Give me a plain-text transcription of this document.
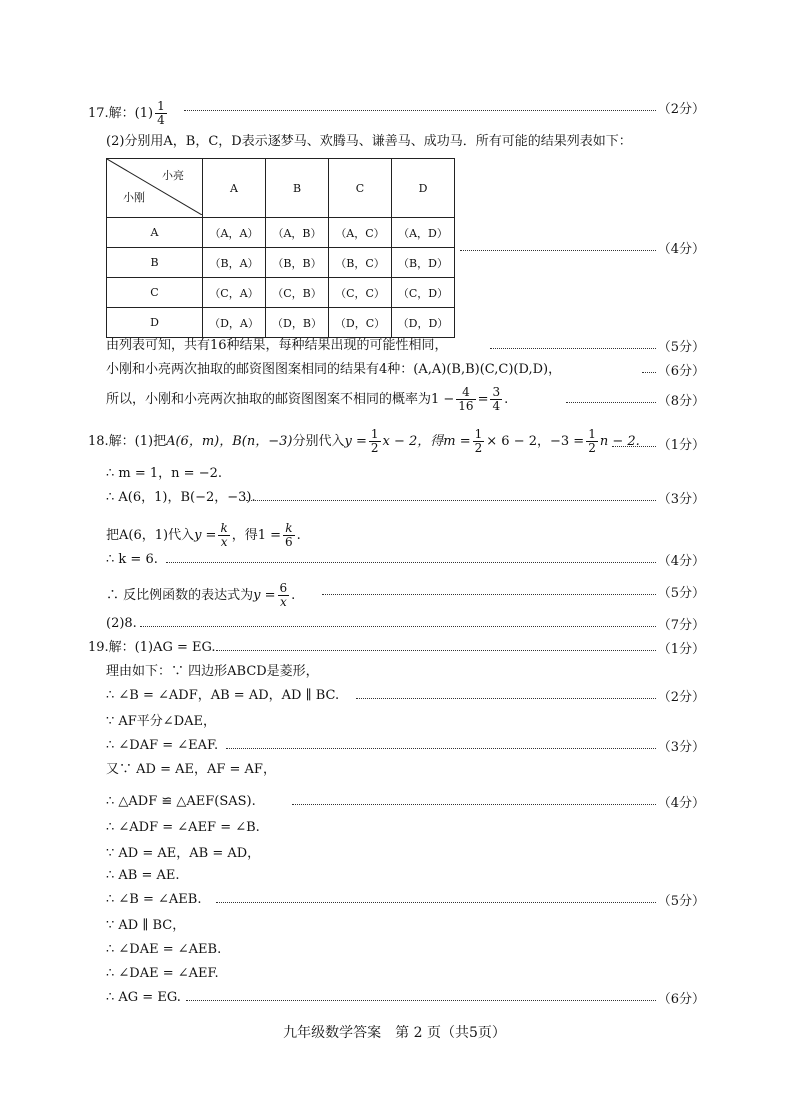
17.解：$(1) \frac{1}{4}$	（2分）
(2)分别用A，B，C，D表示逐梦马、欢腾马、谦善马、成功马．所有可能的结果列表如下：
小亮
小刚	A	B	C	D
A	（A，A）	（A，B）	（A，C）	（A，D）
B	（B，A）	（B，B）	（B，C）	（B，D）
C	（C，A）	（C，B）	（C，C）	（C，D）
D	（D，A）	（D，B）	（D，C）	（D，D）
（4分）
由列表可知，共有16种结果，每种结果出现的可能性相同，	（5分）
小刚和小亮两次抽取的邮资图图案相同的结果有4种：(A,A)(B,B)(C,C)(D,D)，	（6分）
所以，小刚和小亮两次抽取的邮资图图案不相同的概率为$1 - \frac{4}{16} = \frac{3}{4}$ .	（8分）
18.解：(1)把A(6，m)，B(n，−3)分别代入$y = \frac{1}{2}$ x − 2，得$m = \frac{1}{2} \times 6 - 2$，$-3 = \frac{1}{2}$ n − 2. （1分）
∴ m = 1，n = −2.
∴ A(6，1)，B(−2，−3).	（3分）
把A(6，1)代入$y = \frac{k}{x}$ ，得$1 = \frac{k}{6}$ .
∴ k = 6.	（4分）
∴ 反比例函数的表达式为$y = \frac{6}{x}$ .	（5分）
(2)8.	（7分）
19.解：(1)AG = EG.	（1分）
理由如下：∵ 四边形ABCD是菱形，
∴ ∠B = ∠ADF，AB = AD，AD ∥ BC.	（2分）
∵ AF平分∠DAE，
∴ ∠DAF = ∠EAF.	（3分）
又∵ AD = AE，AF = AF，
∴ △ADF ≌ △AEF(SAS).	（4分）
∴ ∠ADF = ∠AEF = ∠B.
∵ AD = AE，AB = AD，
∴ AB = AE.
∴ ∠B = ∠AEB.	（5分）
∵ AD ∥ BC，
∴ ∠DAE = ∠AEB.
∴ ∠DAE = ∠AEF.
∴ AG = EG.	（6分）
九年级数学答案　第 2 页（共5页）
